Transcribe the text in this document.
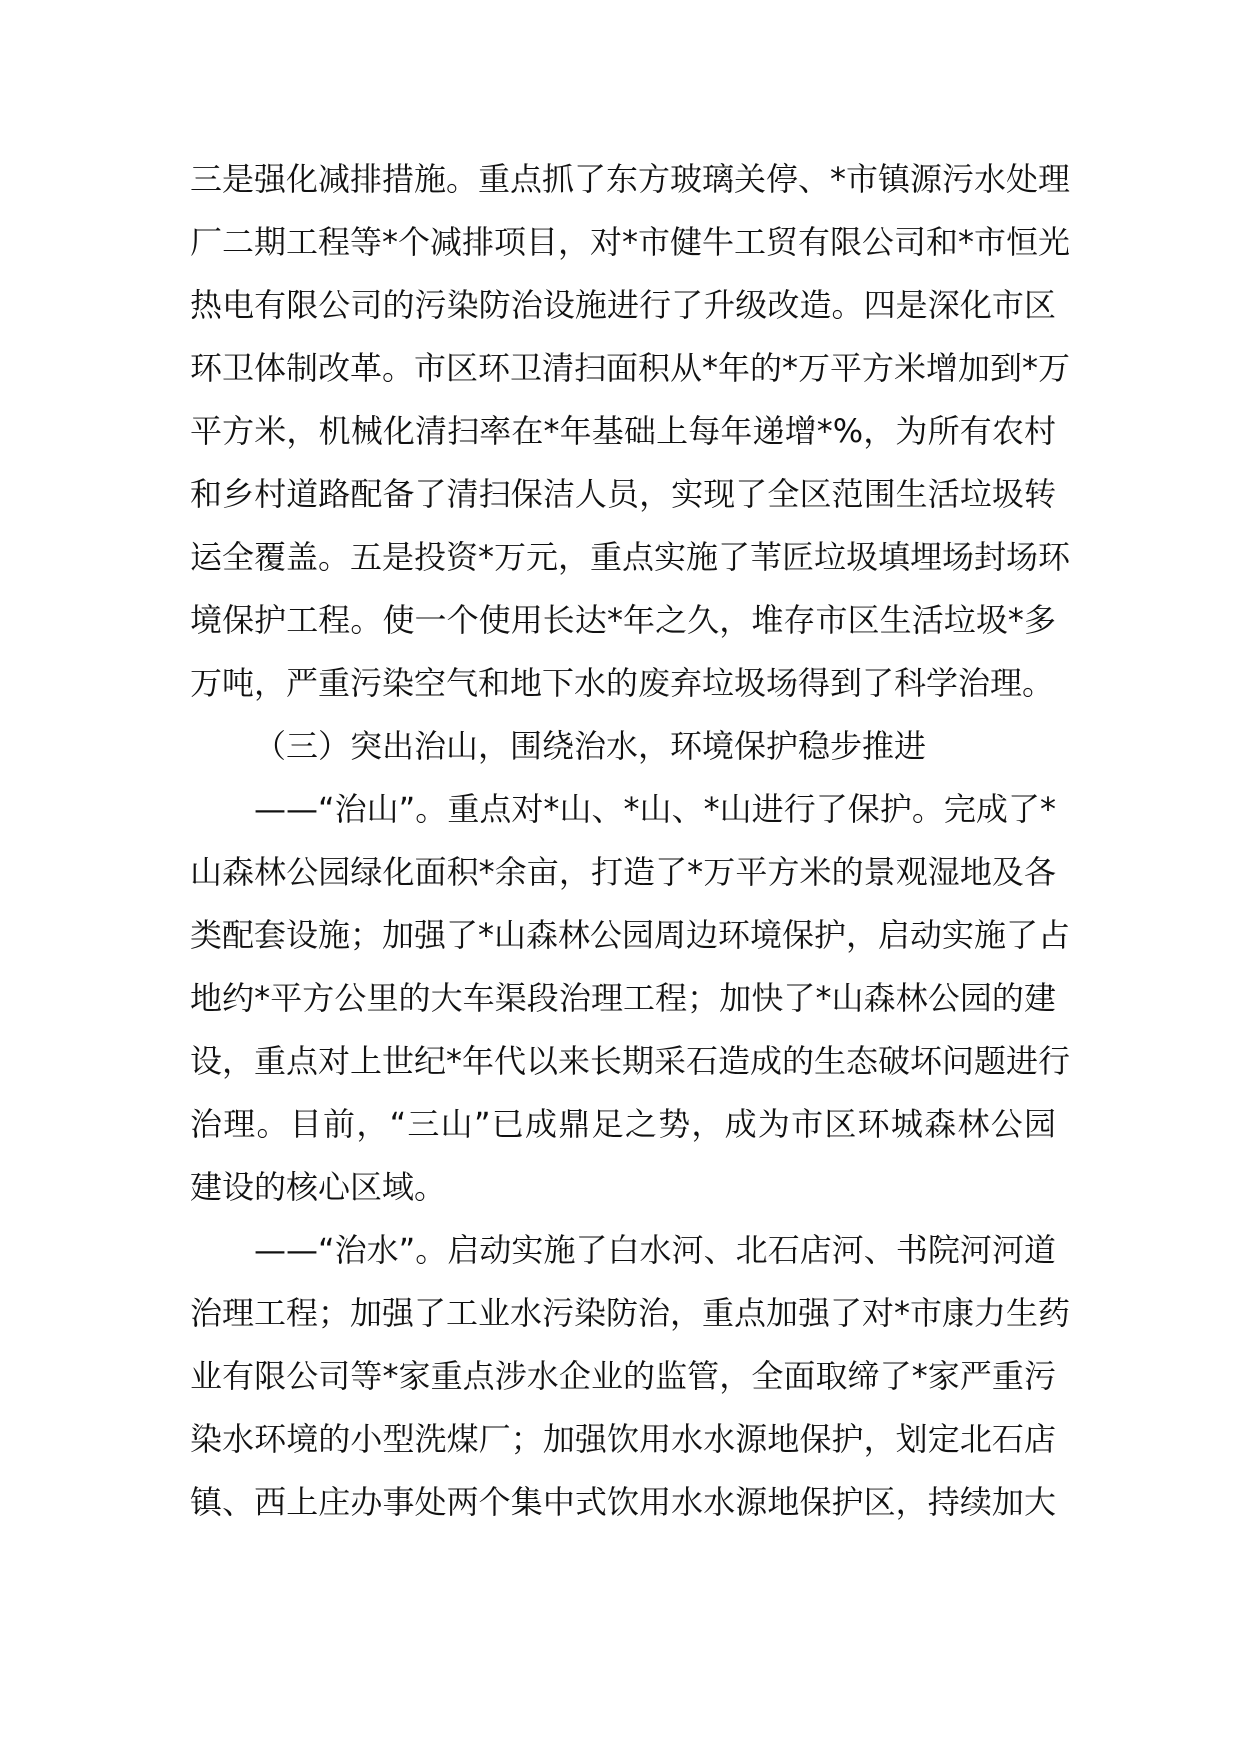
三是强化减排措施。重点抓了东方玻璃关停、*市镇源污水处理
厂二期工程等*个减排项目，对*市健牛工贸有限公司和*市恒光
热电有限公司的污染防治设施进行了升级改造。四是深化市区
环卫体制改革。市区环卫清扫面积从*年的*万平方米增加到*万
平方米，机械化清扫率在*年基础上每年递增*%，为所有农村
和乡村道路配备了清扫保洁人员，实现了全区范围生活垃圾转
运全覆盖。五是投资*万元，重点实施了苇匠垃圾填埋场封场环
境保护工程。使一个使用长达*年之久，堆存市区生活垃圾*多
万吨，严重污染空气和地下水的废弃垃圾场得到了科学治理。
（三）突出治山，围绕治水，环境保护稳步推进
——“治山”。重点对*山、*山、*山进行了保护。完成了*
山森林公园绿化面积*余亩，打造了*万平方米的景观湿地及各
类配套设施；加强了*山森林公园周边环境保护，启动实施了占
地约*平方公里的大车渠段治理工程；加快了*山森林公园的建
设，重点对上世纪*年代以来长期采石造成的生态破坏问题进行
治理。目前，“三山”已成鼎足之势，成为市区环城森林公园
建设的核心区域。
——“治水”。启动实施了白水河、北石店河、书院河河道
治理工程；加强了工业水污染防治，重点加强了对*市康力生药
业有限公司等*家重点涉水企业的监管，全面取缔了*家严重污
染水环境的小型洗煤厂；加强饮用水水源地保护，划定北石店
镇、西上庄办事处两个集中式饮用水水源地保护区，持续加大
